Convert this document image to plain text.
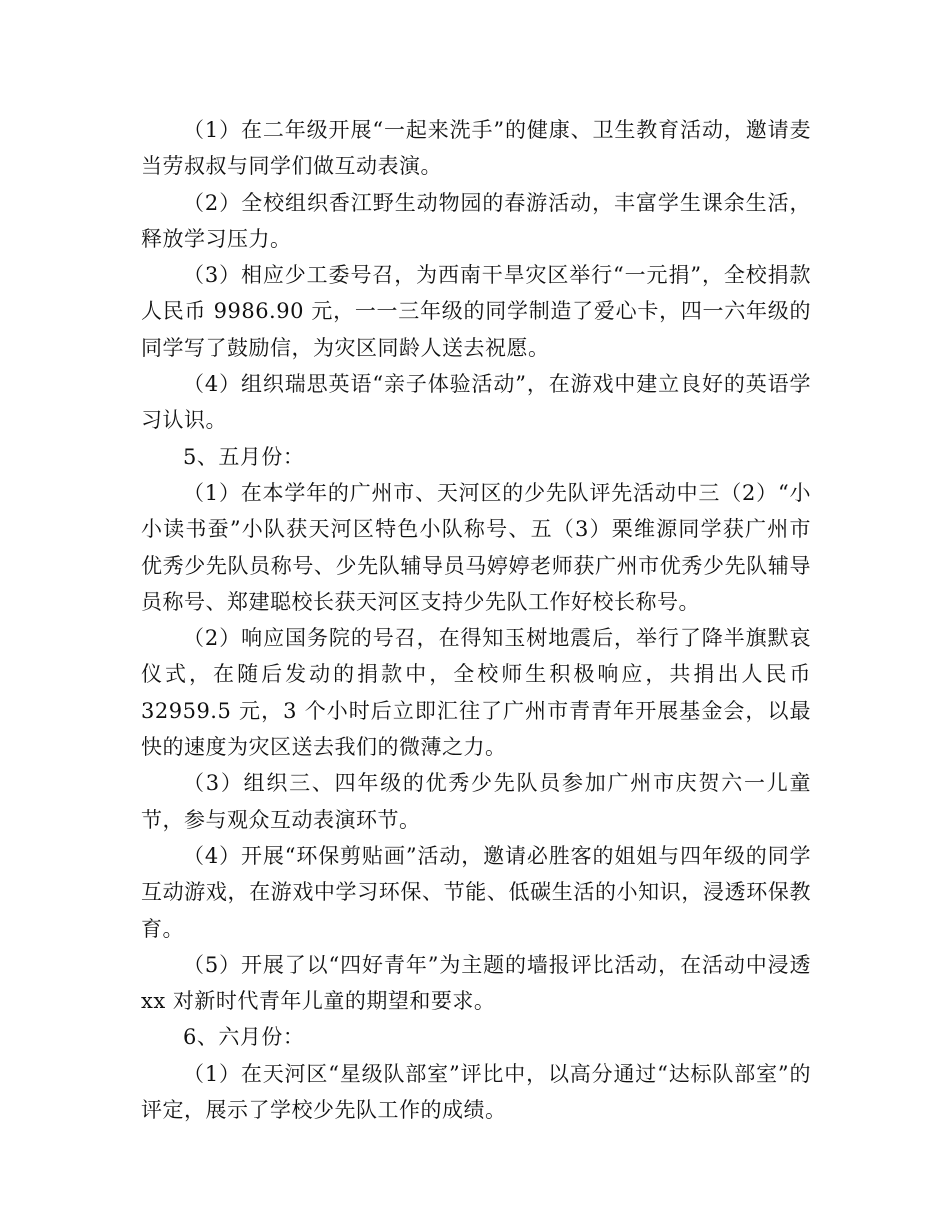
（1）在二年级开展“一起来洗手”的健康、卫生教育活动，邀请麦当劳叔叔与同学们做互动表演。

（2）全校组织香江野生动物园的春游活动，丰富学生课余生活，释放学习压力。

（3）相应少工委号召，为西南干旱灾区举行“一元捐”，全校捐款人民币 9986.90 元，一一三年级的同学制造了爱心卡，四一六年级的同学写了鼓励信，为灾区同龄人送去祝愿。

（4）组织瑞思英语“亲子体验活动”，在游戏中建立良好的英语学习认识。

5、五月份：

（1）在本学年的广州市、天河区的少先队评先活动中三（2）“小小读书蚕”小队获天河区特色小队称号、五（3）栗维源同学获广州市优秀少先队员称号、少先队辅导员马婷婷老师获广州市优秀少先队辅导员称号、郑建聪校长获天河区支持少先队工作好校长称号。

（2）响应国务院的号召，在得知玉树地震后，举行了降半旗默哀仪式，在随后发动的捐款中，全校师生积极响应，共捐出人民币 32959.5 元，3 个小时后立即汇往了广州市青青年开展基金会，以最快的速度为灾区送去我们的微薄之力。

（3）组织三、四年级的优秀少先队员参加广州市庆贺六一儿童节，参与观众互动表演环节。

（4）开展“环保剪贴画”活动，邀请必胜客的姐姐与四年级的同学互动游戏，在游戏中学习环保、节能、低碳生活的小知识，浸透环保教育。

（5）开展了以“四好青年”为主题的墙报评比活动，在活动中浸透 xx 对新时代青年儿童的期望和要求。

6、六月份：

（1）在天河区“星级队部室”评比中，以高分通过“达标队部室”的评定，展示了学校少先队工作的成绩。
